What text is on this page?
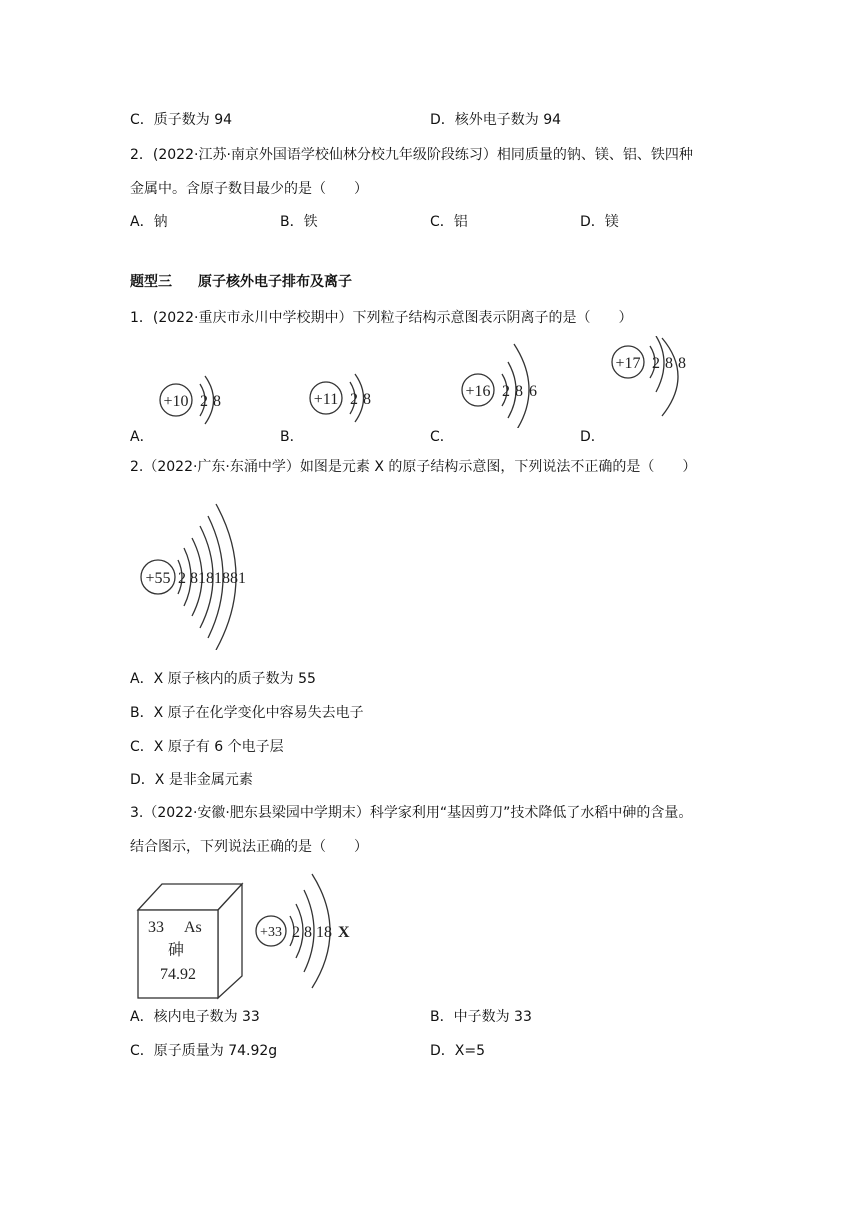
C．质子数为 94	D．核外电子数为 94
2．(2022·江苏·南京外国语学校仙林分校九年级阶段练习）相同质量的钠、镁、铝、铁四种
金属中。含原子数目最少的是（　　）
A．钠	B．铁	C．铝	D．镁
题型三 原子核外电子排布及离子
1．(2022·重庆市永川中学校期中）下列粒子结构示意图表示阴离子的是（　　）
A．
+10 2 8
B．
+11 2 8
C．
+16 2 8 6
D．
+17 2 8 8
2.（2022·广东·东涌中学）如图是元素 X 的原子结构示意图，下列说法不正确的是（　　）
+55 2 8181881
A．X 原子核内的质子数为 55
B．X 原子在化学变化中容易失去电子
C．X 原子有 6 个电子层
D．X 是非金属元素
3.（2022·安徽·肥东县梁园中学期末）科学家利用“基因剪刀”技术降低了水稻中砷的含量。
结合图示，下列说法正确的是（　　）
33 As
砷
74.92
+33 2 8 18 X
A．核内电子数为 33	B．中子数为 33
C．原子质量为 74.92g	D．X=5
